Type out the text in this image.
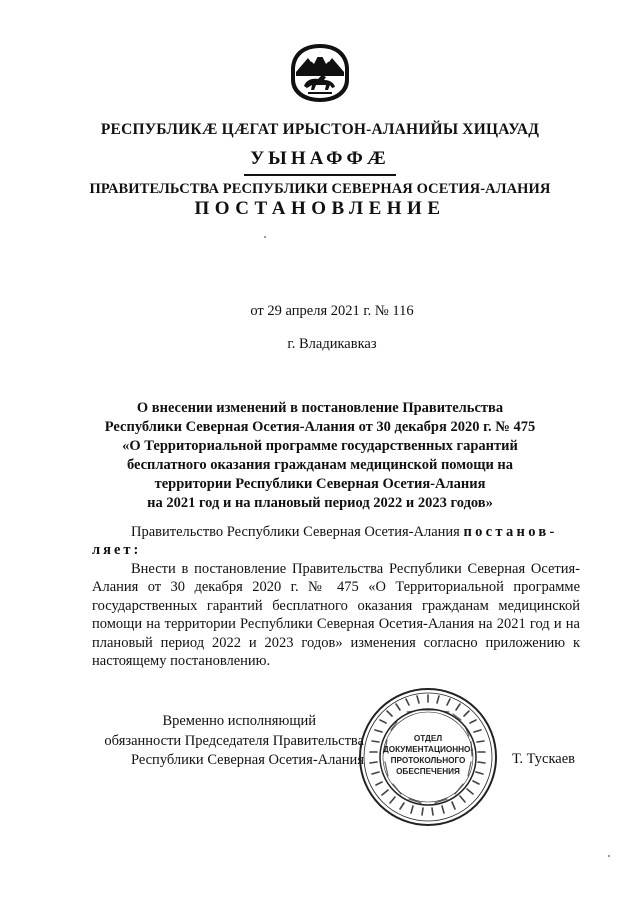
РЕСПУБЛИКӔ ЦӔГАТ ИРЫСТОН-АЛАНИЙЫ ХИЦАУАД
УЫНАФФӔ
ПРАВИТЕЛЬСТВА РЕСПУБЛИКИ СЕВЕРНАЯ ОСЕТИЯ-АЛАНИЯ
ПОСТАНОВЛЕНИЕ
от 29 апреля 2021 г. № 116
г. Владикавказ
О внесении изменений в постановление Правительства
Республики Северная Осетия-Алания от 30 декабря 2020 г. № 475
«О Территориальной программе государственных гарантий
бесплатного оказания гражданам медицинской помощи на
территории Республики Северная Осетия-Алания
на 2021 год и на плановый период 2022 и 2023 годов»
Правительство Республики Северная Осетия-Алания постанов-
ляет:
Внести в постановление Правительства Республики Северная Осетия-Алания от 30 декабря 2020 г. № 475 «О Территориальной программе государственных гарантий бесплатного оказания гражданам медицинской помощи на территории Республики Северная Осетия-Алания на 2021 год и на плановый период 2022 и 2023 годов» изменения согласно приложению к настоящему постановлению.
Временно исполняющий
обязанности Председателя Правительства
Республики Северная Осетия-Алания
ОТДЕЛ
ДОКУМЕНТАЦИОННО-
ПРОТОКОЛЬНОГО
ОБЕСПЕЧЕНИЯ
Т. Тускаев
